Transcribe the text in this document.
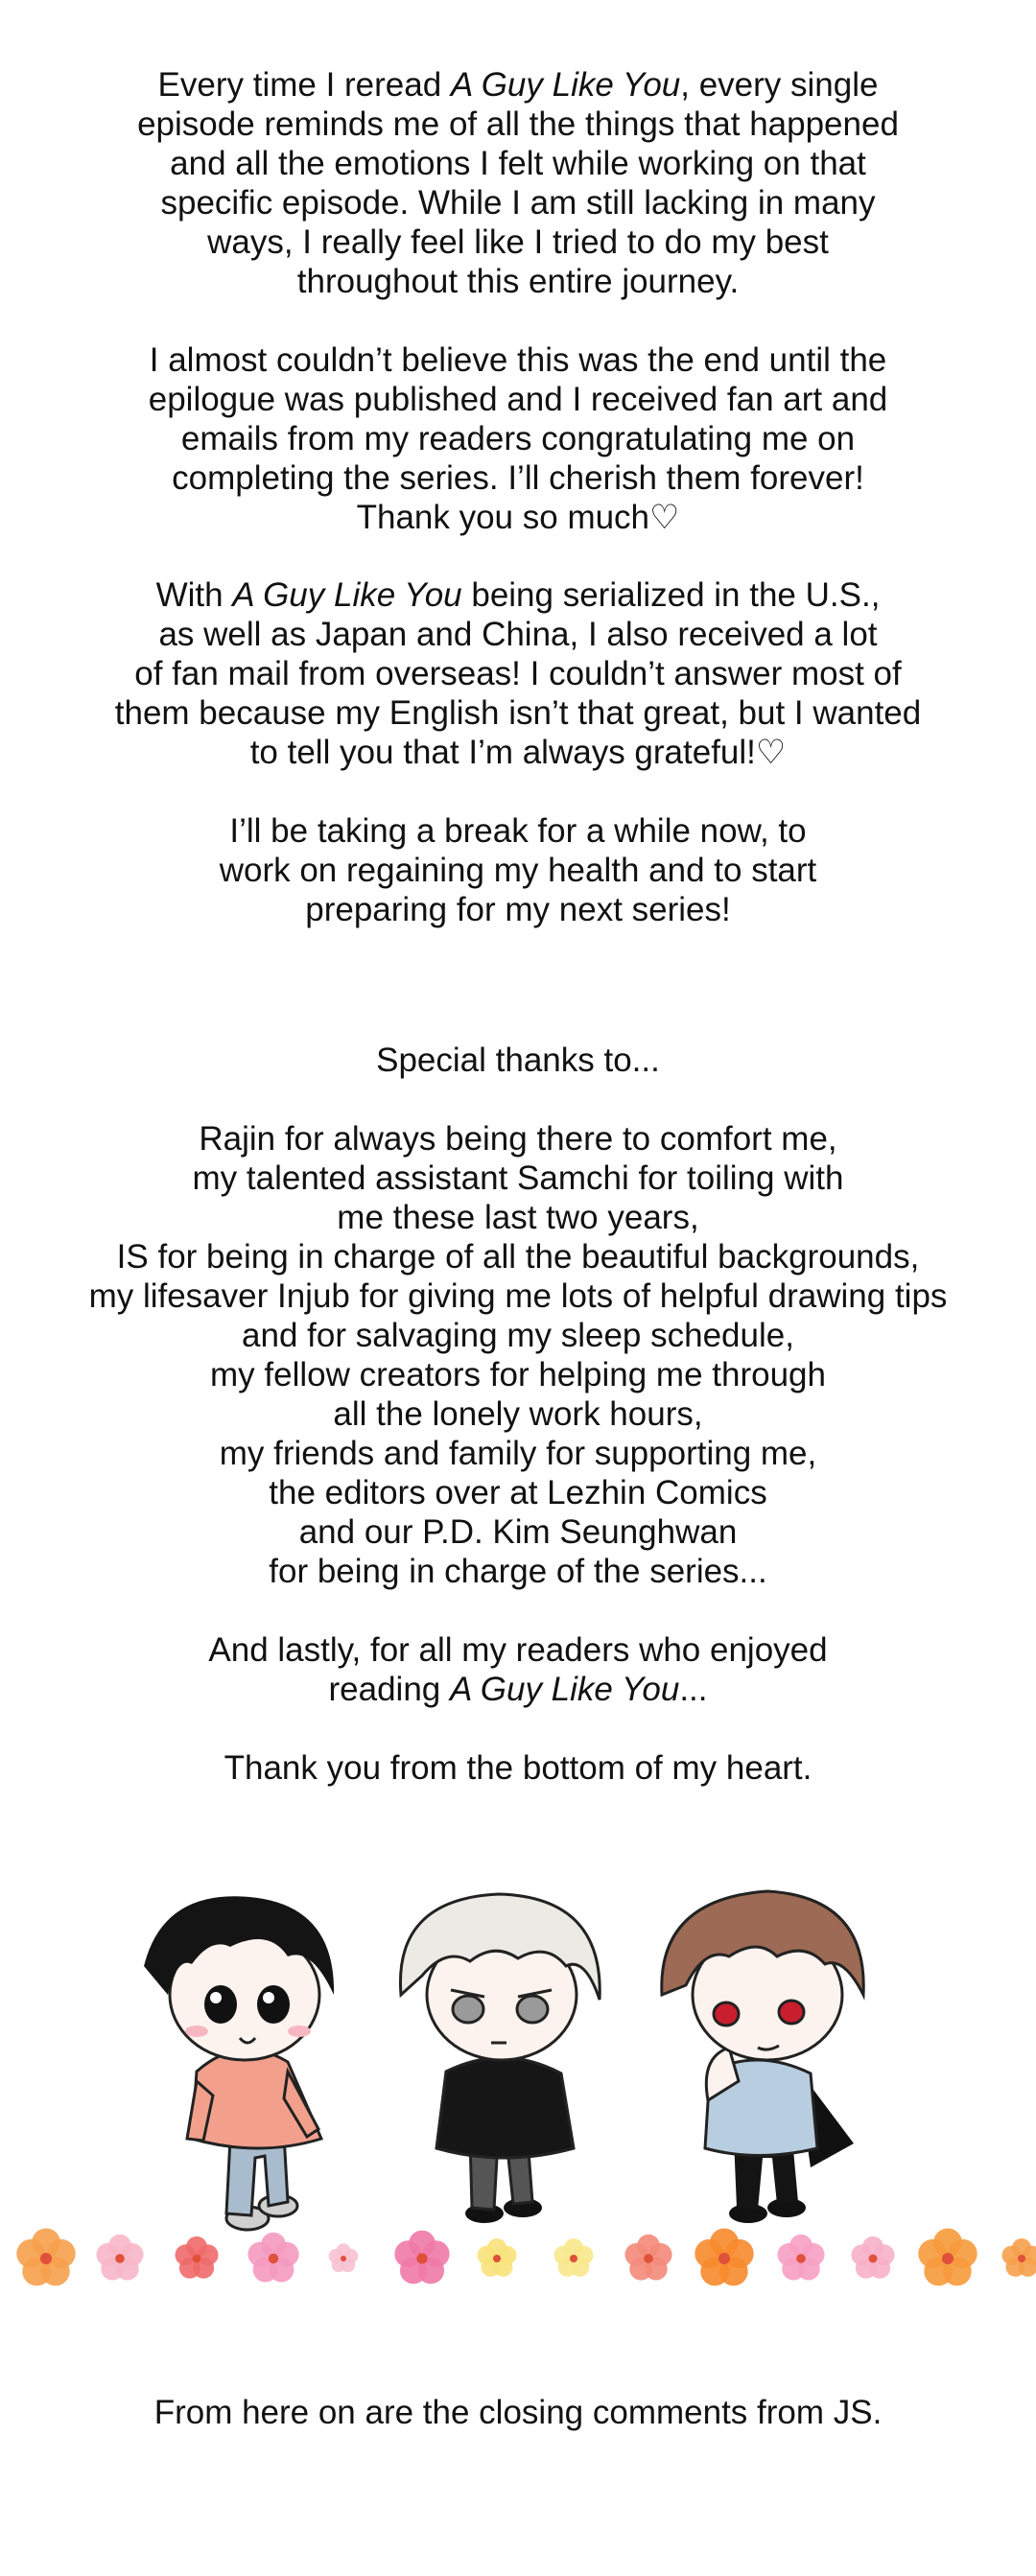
Every time I reread A Guy Like You, every single
episode reminds me of all the things that happened
and all the emotions I felt while working on that
specific episode. While I am still lacking in many
ways, I really feel like I tried to do my best
throughout this entire journey.

I almost couldn’t believe this was the end until the
epilogue was published and I received fan art and
emails from my readers congratulating me on
completing the series. I’ll cherish them forever!
Thank you so much♡

With A Guy Like You being serialized in the U.S.,
as well as Japan and China, I also received a lot
of fan mail from overseas! I couldn’t answer most of
them because my English isn’t that great, but I wanted
to tell you that I’m always grateful!♡

I’ll be taking a break for a while now, to
work on regaining my health and to start
preparing for my next series!

Special thanks to...

Rajin for always being there to comfort me,
my talented assistant Samchi for toiling with
me these last two years,
IS for being in charge of all the beautiful backgrounds,
my lifesaver Injub for giving me lots of helpful drawing tips
and for salvaging my sleep schedule,
my fellow creators for helping me through
all the lonely work hours,
my friends and family for supporting me,
the editors over at Lezhin Comics
and our P.D. Kim Seunghwan
for being in charge of the series...

And lastly, for all my readers who enjoyed
reading A Guy Like You...

Thank you from the bottom of my heart.

From here on are the closing comments from JS.
